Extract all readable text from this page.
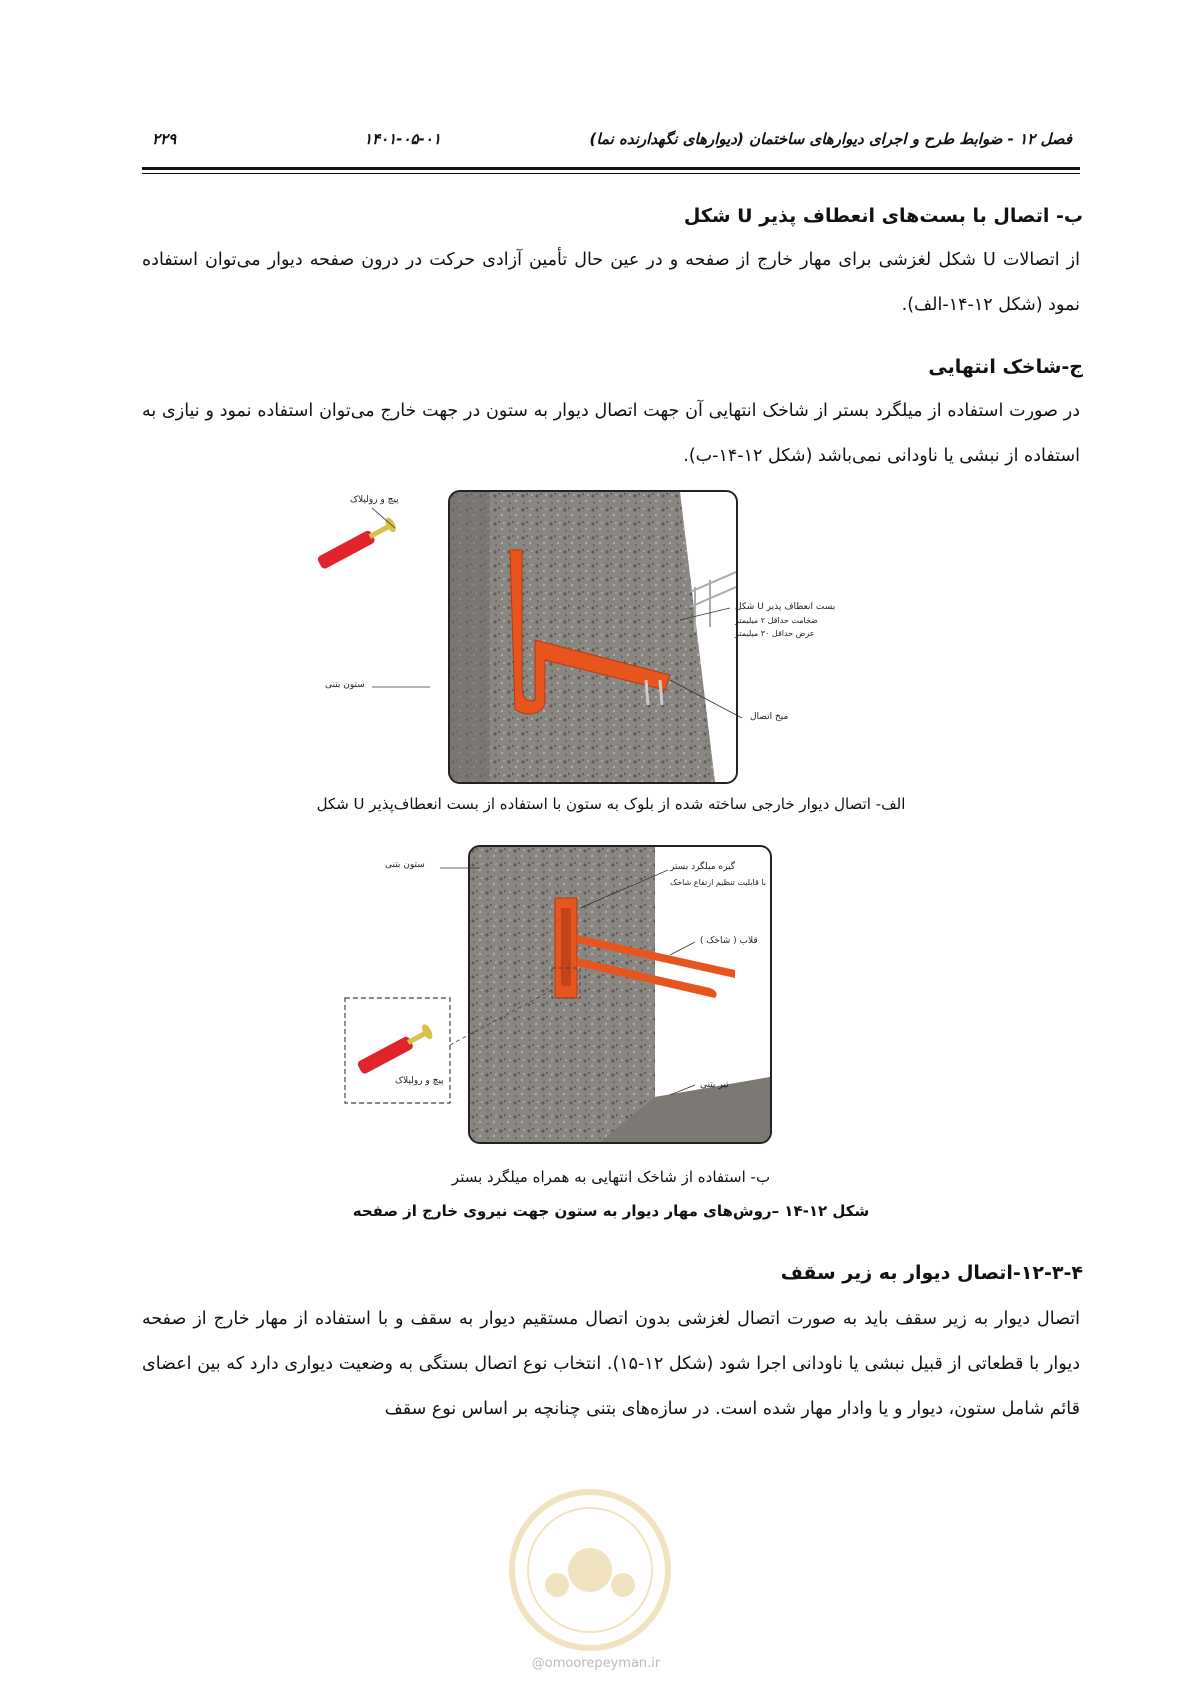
فصل ۱۲ - ضوابط طرح و اجرای دیوارهای ساختمان (دیوارهای نگهدارنده نما)
۱۴۰۱-۰۵-۰۱
۲۲۹
ب- اتصال با بست‌های انعطاف پذیر U شکل
از اتصالات U شکل لغزشی برای مهار خارج از صفحه و در عین حال تأمین آزادی حرکت در درون صفحه دیوار می‌توان استفاده نمود (شکل ۱۲-۱۴-الف).
ج-شاخک انتهایی
در صورت استفاده از میلگرد بستر از شاخک انتهایی آن جهت اتصال دیوار به ستون در جهت خارج می‌توان استفاده نمود و نیازی به استفاده از نبشی یا ناودانی نمی‌باشد (شکل ۱۲-۱۴-ب).
پیچ و رولپلاک
ستون بتنی
بست انعطاف پذیر U شکل
ضخامت حداقل ۲ میلیمتر
عرض حداقل ۳۰ میلیمتر
میخ اتصال
الف- اتصال دیوار خارجی ساخته شده از بلوک به ستون با استفاده از بست انعطاف‌پذیر U شکل
ستون بتنی	گیره میلگرد بستر
با قابلیت تنظیم ارتفاع شاخک
قلاب ( شاخک )
تیر بتنی
پیچ و رولپلاک
ب- استفاده از شاخک انتهایی به همراه میلگرد بستر
شکل ۱۲-۱۴ –روش‌های مهار دیوار به ستون جهت نیروی خارج از صفحه
۱۲-۳-۴-اتصال دیوار به زیر سقف
اتصال دیوار به زیر سقف باید به صورت اتصال لغزشی بدون اتصال مستقیم دیوار به سقف و با استفاده از مهار خارج از صفحه دیوار با قطعاتی از قبیل نبشی یا ناودانی اجرا شود (شکل ۱۲-۱۵). انتخاب نوع اتصال بستگی به وضعیت دیواری دارد که بین اعضای قائم شامل ستون، دیوار و یا وادار مهار شده است. در سازه‌های بتنی چنانچه بر اساس نوع سقف
@omoorepeyman.ir
